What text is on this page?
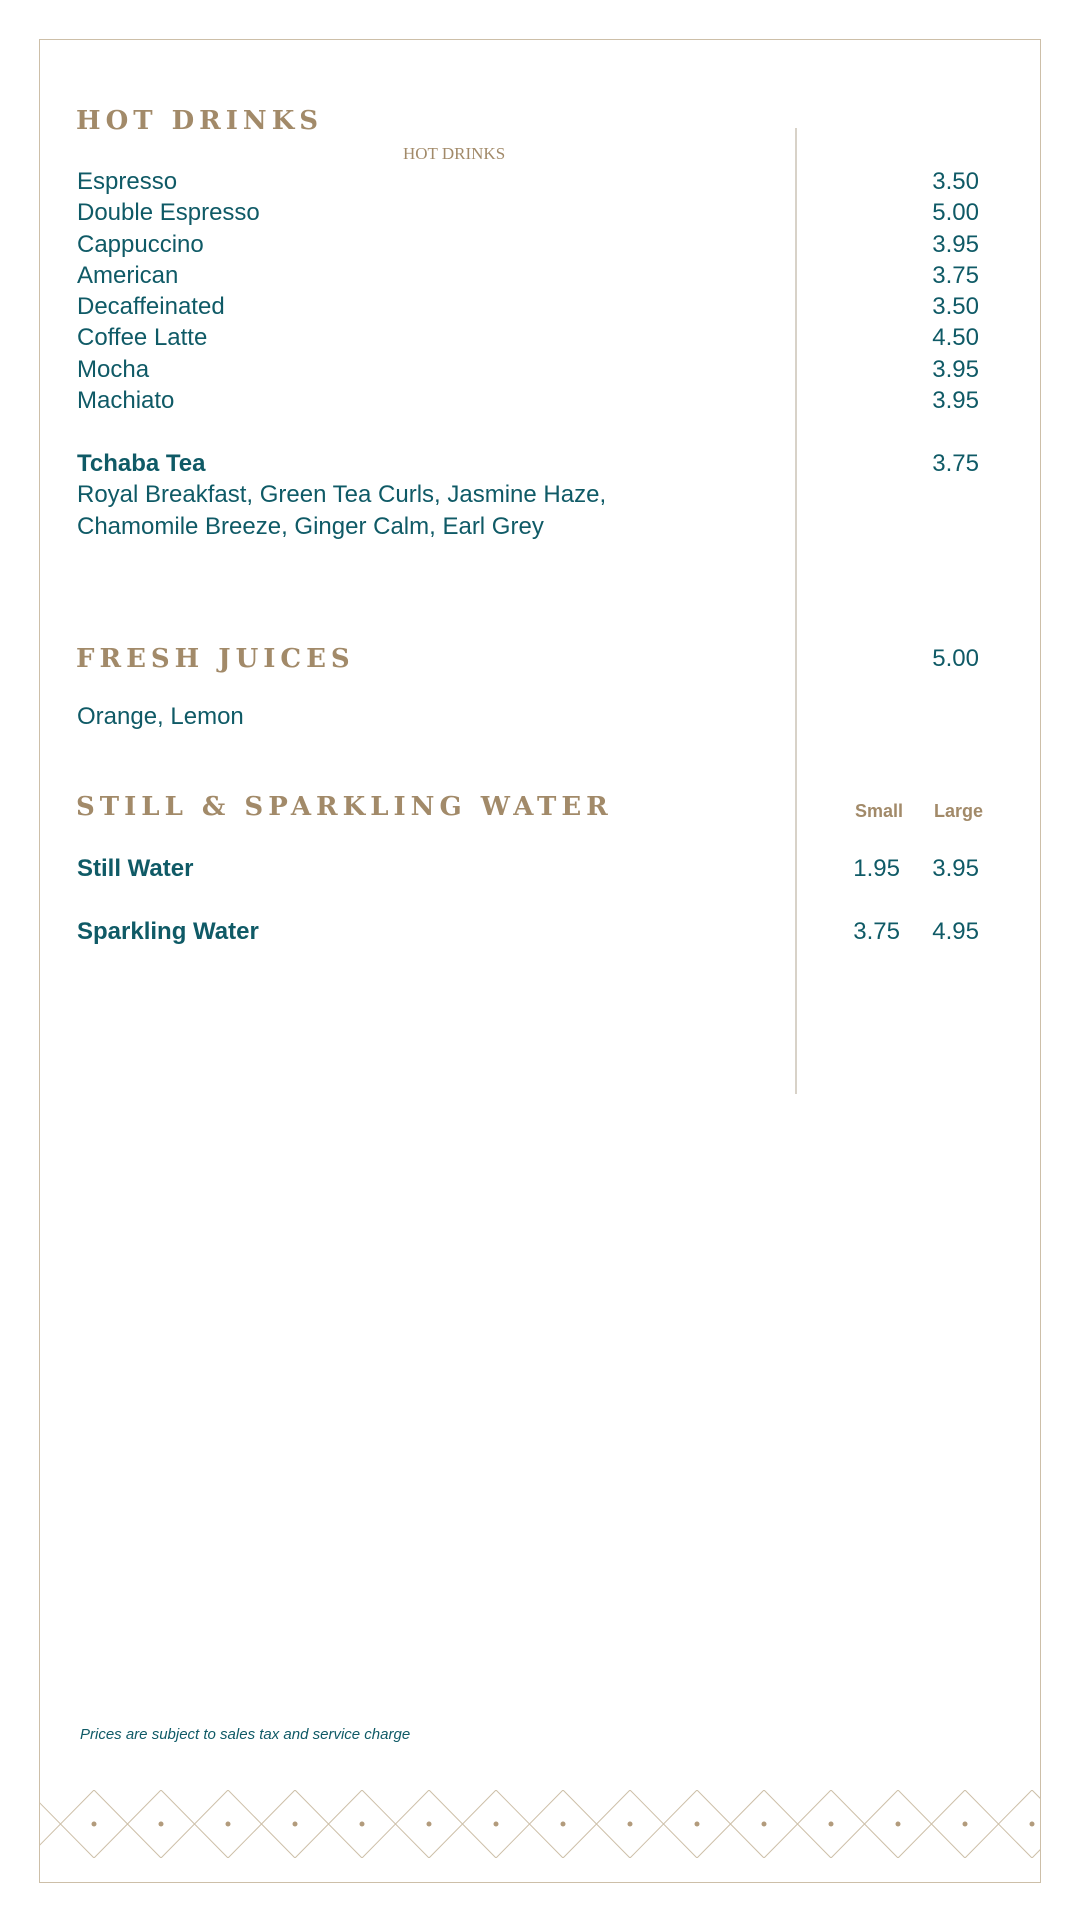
HOT DRINKS
HOT DRINKS
Espresso	3.50
Double Espresso	5.00
Cappuccino	3.95
American	3.75
Decaffeinated	3.50
Coffee Latte	4.50
Mocha	3.95
Machiato	3.95
Tchaba Tea	3.75
Royal Breakfast, Green Tea Curls, Jasmine Haze,
Chamomile Breeze, Ginger Calm, Earl Grey
FRESH JUICES	5.00
Orange, Lemon
STILL & SPARKLING WATER	Small Large
Still Water	1.95 3.95
Sparkling Water	3.75 4.95
Prices are subject to sales tax and service charge
